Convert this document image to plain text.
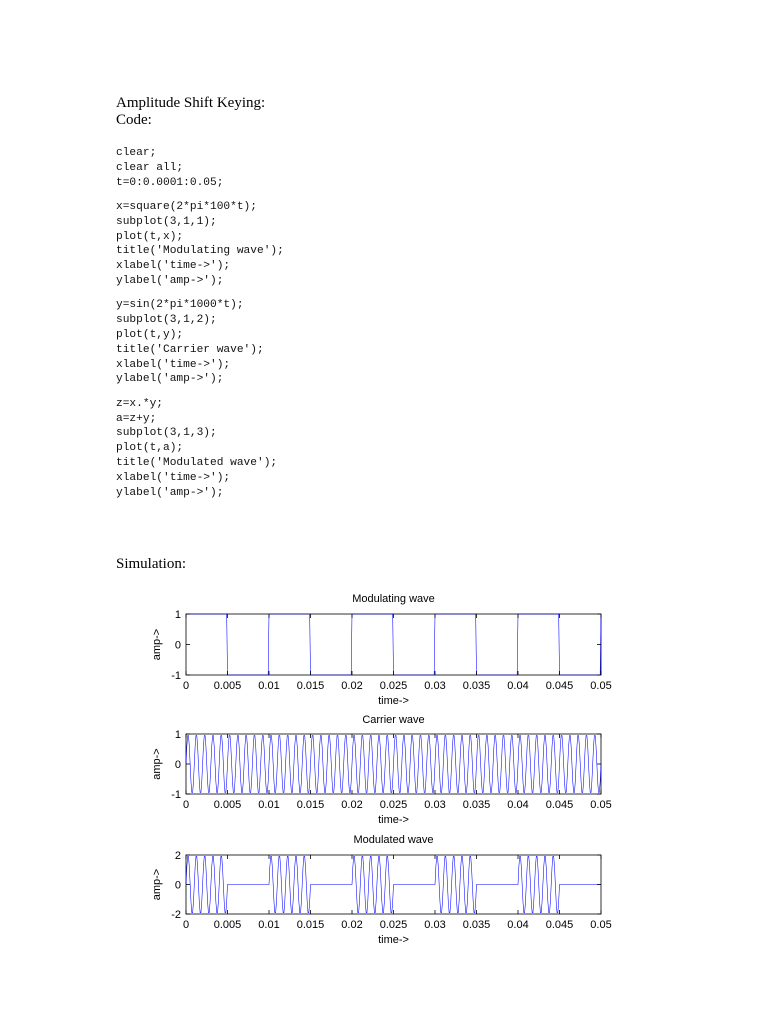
Amplitude Shift Keying:
Code:
clear;
clear all;
t=0:0.0001:0.05;
x=square(2*pi*100*t);
subplot(3,1,1);
plot(t,x);
title('Modulating wave');
xlabel('time->');
ylabel('amp->');
y=sin(2*pi*1000*t);
subplot(3,1,2);
plot(t,y);
title('Carrier wave');
xlabel('time->');
ylabel('amp->');
z=x.*y;
a=z+y;
subplot(3,1,3);
plot(t,a);
title('Modulated wave');
xlabel('time->');
ylabel('amp->');
Simulation:
Modulating wave
0 0.005 0.01 0.015 0.02 0.025 0.03 0.035 0.04 0.045 0.05
-1
0
1
time->
amp->
Carrier wave
0 0.005 0.01 0.015 0.02 0.025 0.03 0.035 0.04 0.045 0.05
-1
0
1
time->
amp->
Modulated wave
0 0.005 0.01 0.015 0.02 0.025 0.03 0.035 0.04 0.045 0.05
-2
0
2
time->
amp->
